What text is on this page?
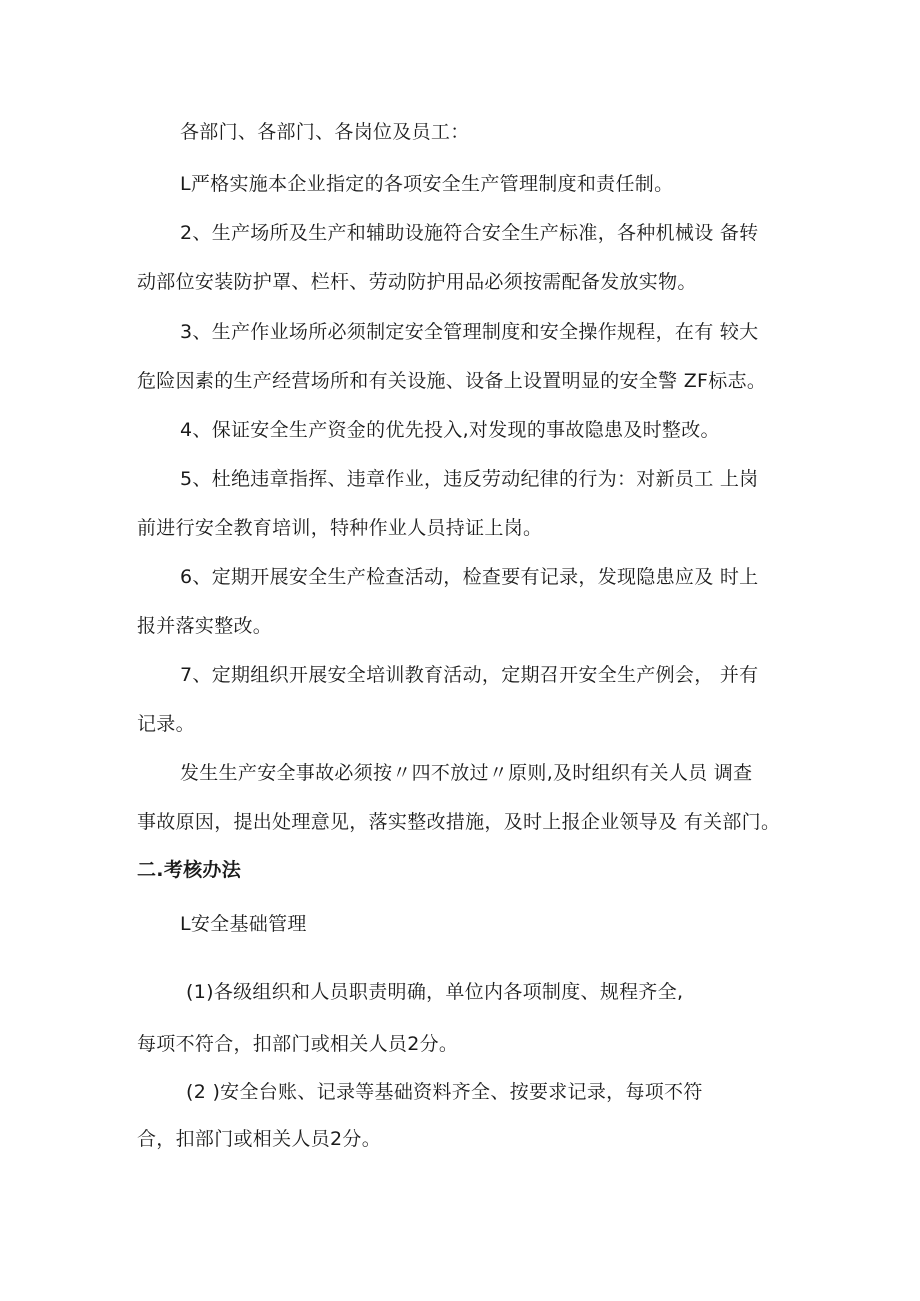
各部门、各部门、各岗位及员工：
L严格实施本企业指定的各项安全生产管理制度和责任制。
2、生产场所及生产和辅助设施符合安全生产标准，各种机械设 备转
动部位安装防护罩、栏杆、劳动防护用品必须按需配备发放实物。
3、生产作业场所必须制定安全管理制度和安全操作规程，在有 较大
危险因素的生产经营场所和有关设施、设备上设置明显的安全警 ZF标志。
4、保证安全生产资金的优先投入,对发现的事故隐患及时整改。
5、杜绝违章指挥、违章作业，违反劳动纪律的行为：对新员工 上岗
前进行安全教育培训，特种作业人员持证上岗。
6、定期开展安全生产检查活动，检查要有记录，发现隐患应及 时上
报并落实整改。
7、定期组织开展安全培训教育活动，定期召开安全生产例会， 并有
记录。
发生生产安全事故必须按〃四不放过〃原则,及时组织有关人员 调查
事故原因，提出处理意见，落实整改措施，及时上报企业领导及 有关部门。
二.考核办法
L安全基础管理
(1)各级组织和人员职责明确，单位内各项制度、规程齐全,
每项不符合，扣部门或相关人员2分。
(2 )安全台账、记录等基础资料齐全、按要求记录，每项不符
合，扣部门或相关人员2分。
